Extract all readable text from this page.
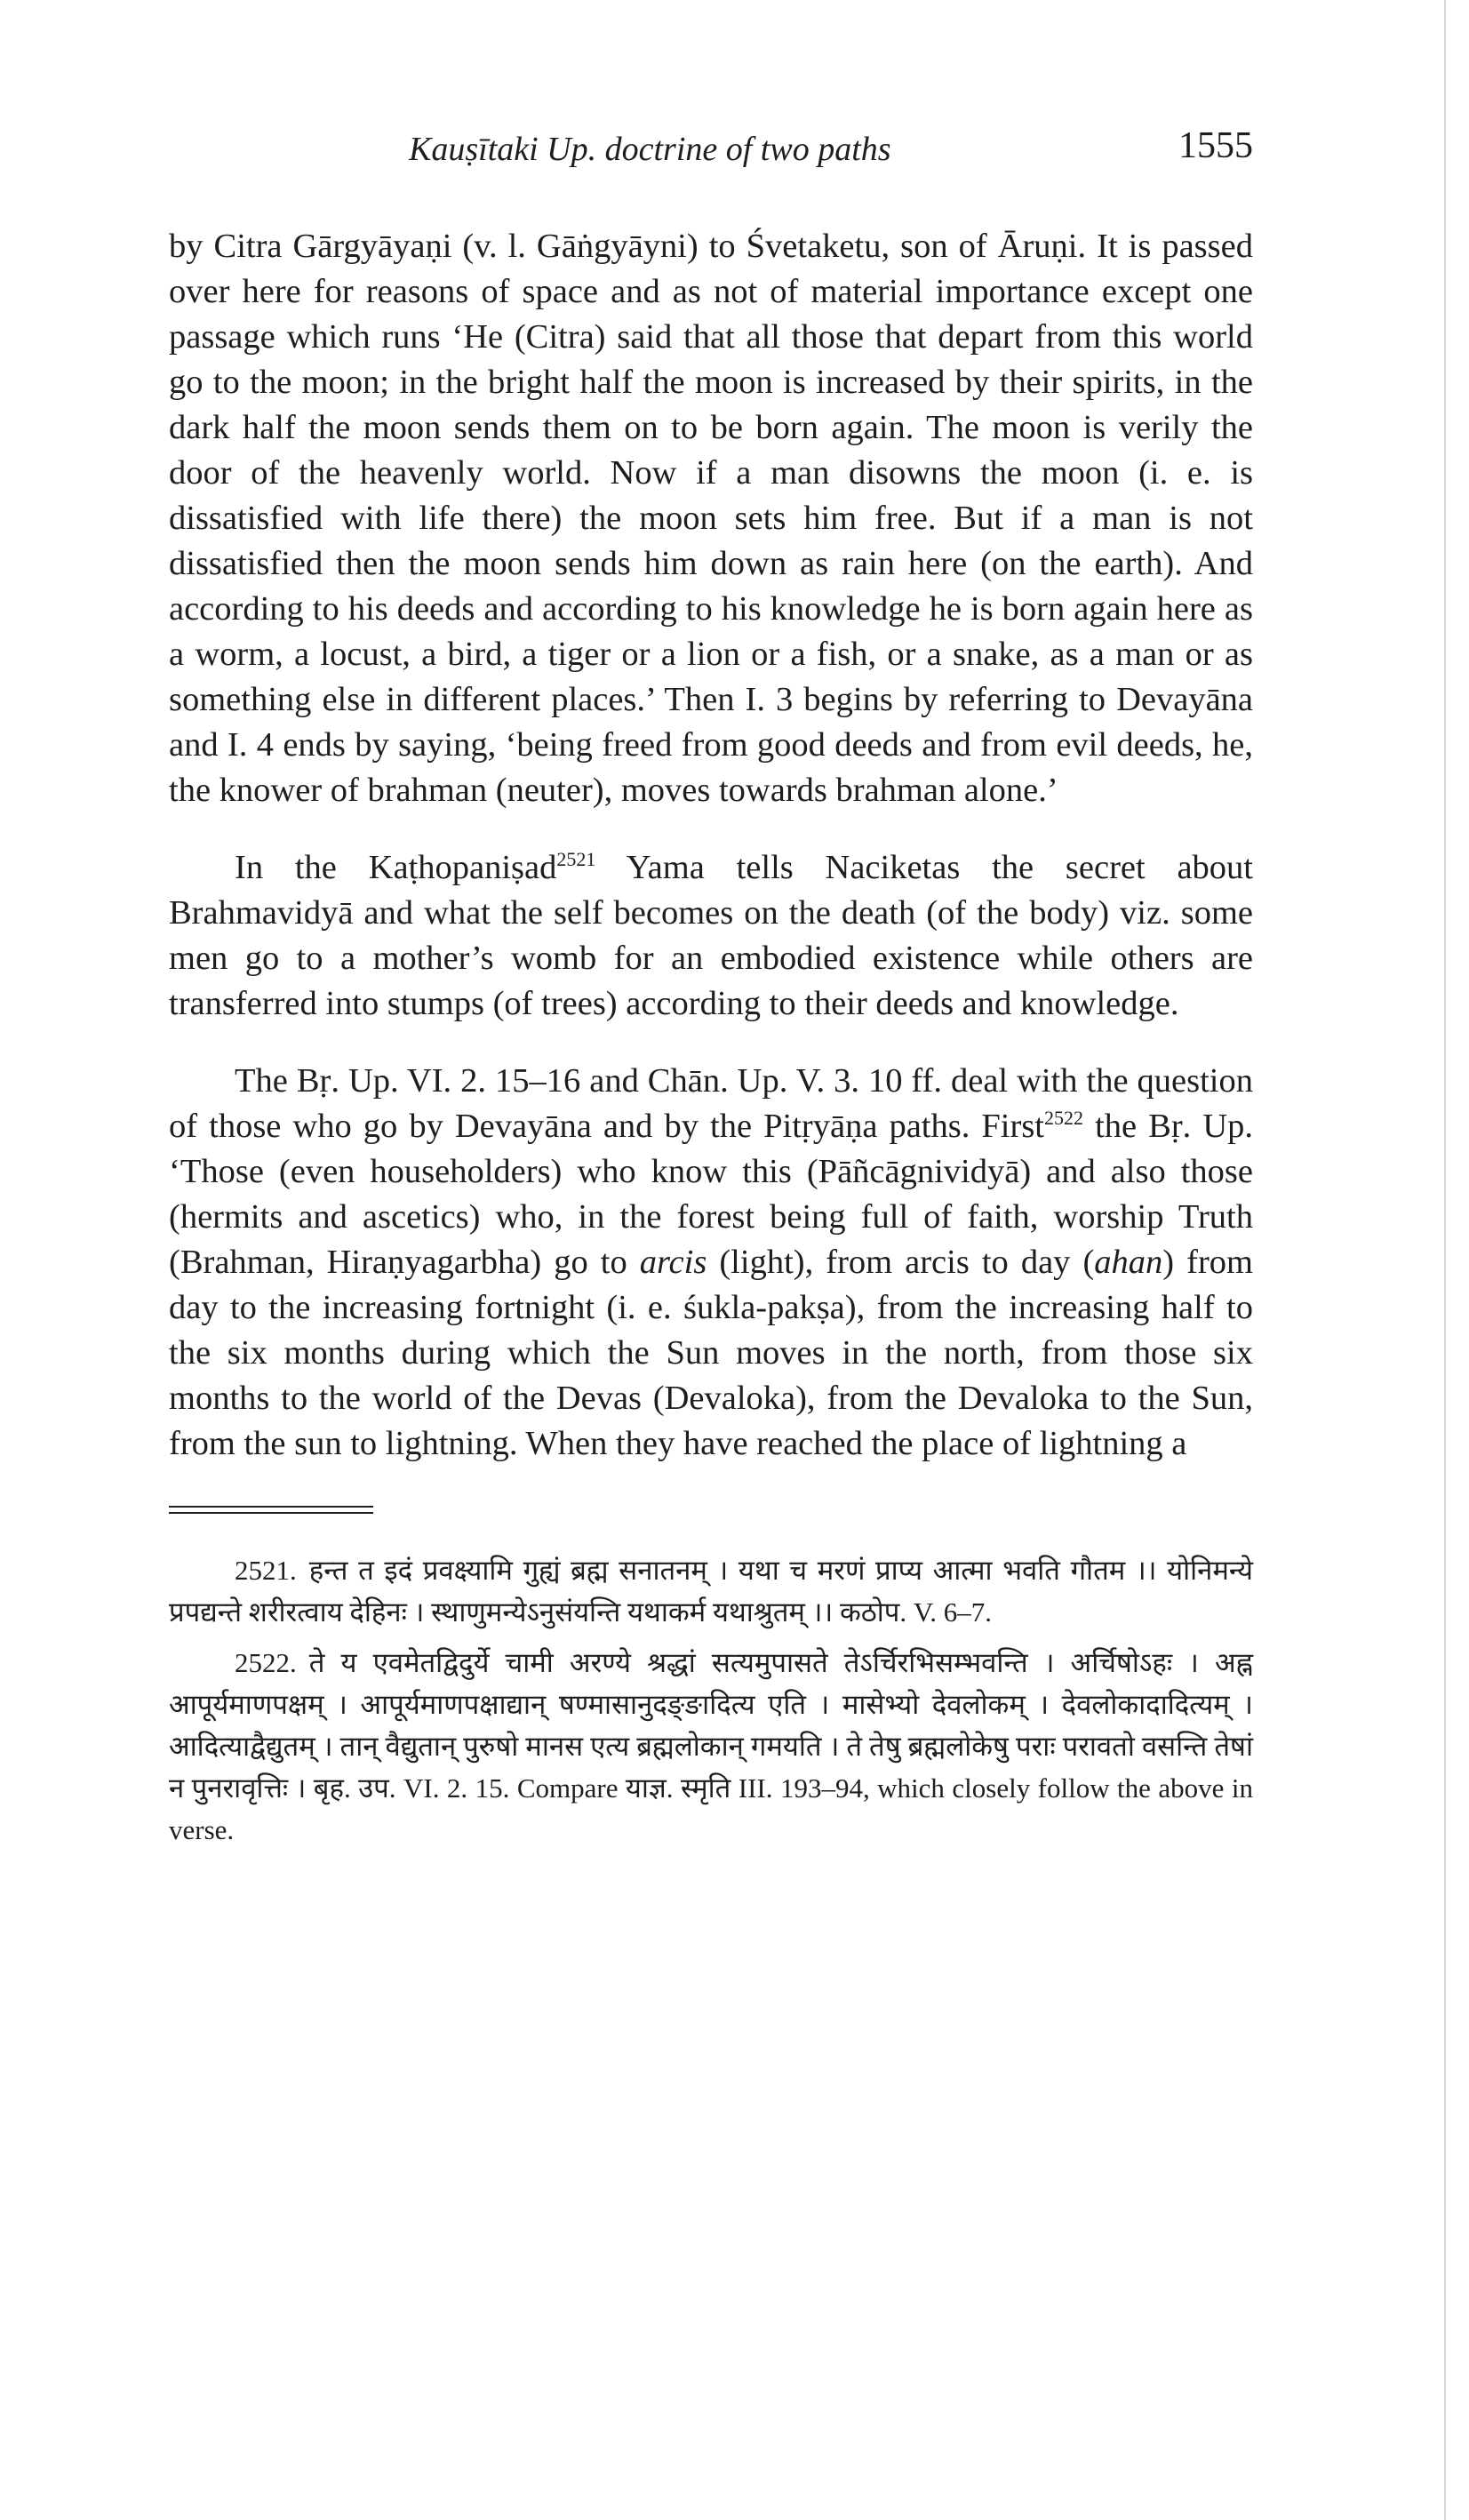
Kauṣītaki Up. doctrine of two paths	1555

by Citra Gārgyāyaṇi (v. l. Gāṅgyāyni) to Śvetaketu, son of Āruṇi. It is passed over here for reasons of space and as not of material importance except one passage which runs ‘He (Citra) said that all those that depart from this world go to the moon; in the bright half the moon is increased by their spirits, in the dark half the moon sends them on to be born again. The moon is verily the door of the heavenly world. Now if a man disowns the moon (i. e. is dissatisfied with life there) the moon sets him free. But if a man is not dissatisfied then the moon sends him down as rain here (on the earth). And according to his deeds and according to his knowledge he is born again here as a worm, a locust, a bird, a tiger or a lion or a fish, or a snake, as a man or as something else in different places.’ Then I. 3 begins by referring to Devayāna and I. 4 ends by saying, ‘being freed from good deeds and from evil deeds, he, the knower of brahman (neuter), moves towards brahman alone.’

In the Kaṭhopaniṣad$^{2521}$ Yama tells Naciketas the secret about Brahmavidyā and what the self becomes on the death (of the body) viz. some men go to a mother’s womb for an embodied existence while others are transferred into stumps (of trees) according to their deeds and knowledge.

The Bṛ. Up. VI. 2. 15–16 and Chān. Up. V. 3. 10 ff. deal with the question of those who go by Devayāna and by the Pitṛyāṇa paths. First$^{2522}$ the Bṛ. Up. ‘Those (even householders) who know this (Pāñcāgnividyā) and also those (hermits and ascetics) who, in the forest being full of faith, worship Truth (Brahman, Hiraṇyagarbha) go to arcis (light), from arcis to day (ahan) from day to the increasing fortnight (i. e. śukla-pakṣa), from the increasing half to the six months during which the Sun moves in the north, from those six months to the world of the Devas (Devaloka), from the Devaloka to the Sun, from the sun to lightning. When they have reached the place of lightning a

2521. हन्त त इदं प्रवक्ष्यामि गुह्यं ब्रह्म सनातनम् । यथा च मरणं प्राप्य आत्मा भवति गौतम ।। योनिमन्ये प्रपद्यन्ते शरीरत्वाय देहिनः । स्थाणुमन्येऽनुसंयन्ति यथाकर्म यथाश्रुतम् ।। कठोप. V. 6–7.

2522. ते य एवमेतद्विदुर्ये चामी अरण्ये श्रद्धां सत्यमुपासते तेऽर्चिरभिसम्भवन्ति । अर्चिषोऽहः । अह्न आपूर्यमाणपक्षम् । आपूर्यमाणपक्षाद्यान् षण्मासानुदङ्ङादित्य एति । मासेभ्यो देवलोकम् । देवलोकादादित्यम् । आदित्याद्वैद्युतम् । तान् वैद्युतान् पुरुषो मानस एत्य ब्रह्मलोकान् गमयति । ते तेषु ब्रह्मलोकेषु पराः परावतो वसन्ति तेषां न पुनरावृत्तिः । बृह. उप. VI. 2. 15. Compare याज्ञ. स्मृति III. 193–94, which closely follow the above in verse.
